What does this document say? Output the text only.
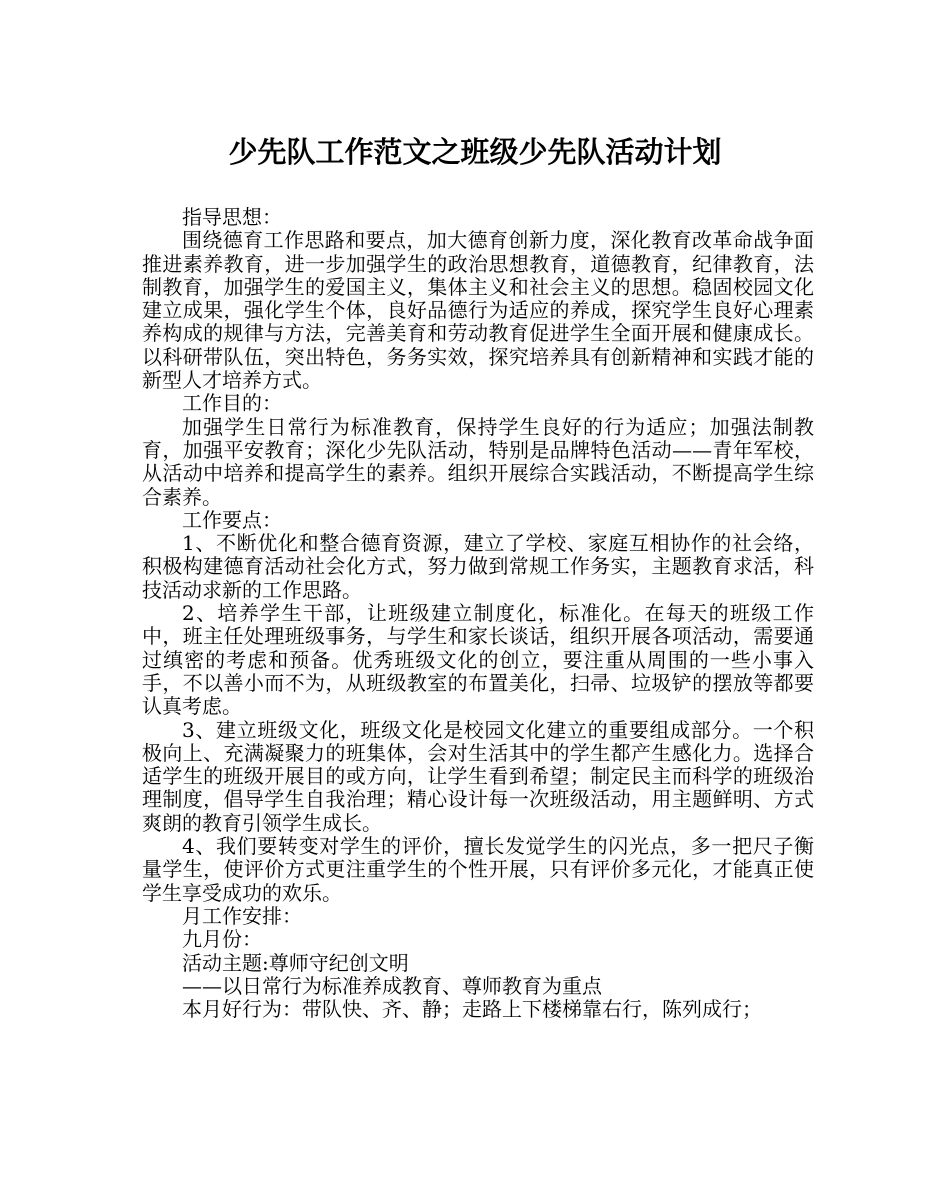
少先队工作范文之班级少先队活动计划

指导思想：

围绕德育工作思路和要点，加大德育创新力度，深化教育改革命战争面推进素养教育，进一步加强学生的政治思想教育，道德教育，纪律教育，法制教育，加强学生的爱国主义，集体主义和社会主义的思想。稳固校园文化建立成果，强化学生个体，良好品德行为适应的养成，探究学生良好心理素养构成的规律与方法，完善美育和劳动教育促进学生全面开展和健康成长。以科研带队伍，突出特色，务务实效，探究培养具有创新精神和实践才能的新型人才培养方式。

工作目的：

加强学生日常行为标准教育，保持学生良好的行为适应；加强法制教育，加强平安教育；深化少先队活动，特别是品牌特色活动——青年军校，从活动中培养和提高学生的素养。组织开展综合实践活动，不断提高学生综合素养。

工作要点：

1、不断优化和整合德育资源，建立了学校、家庭互相协作的社会络，积极构建德育活动社会化方式，努力做到常规工作务实，主题教育求活，科技活动求新的工作思路。

2、培养学生干部，让班级建立制度化，标准化。在每天的班级工作中，班主任处理班级事务，与学生和家长谈话，组织开展各项活动，需要通过缜密的考虑和预备。优秀班级文化的创立，要注重从周围的一些小事入手，不以善小而不为，从班级教室的布置美化，扫帚、垃圾铲的摆放等都要认真考虑。

3、建立班级文化，班级文化是校园文化建立的重要组成部分。一个积极向上、充满凝聚力的班集体，会对生活其中的学生都产生感化力。选择合适学生的班级开展目的或方向，让学生看到希望；制定民主而科学的班级治理制度，倡导学生自我治理；精心设计每一次班级活动，用主题鲜明、方式爽朗的教育引领学生成长。

4、我们要转变对学生的评价，擅长发觉学生的闪光点，多一把尺子衡量学生，使评价方式更注重学生的个性开展，只有评价多元化，才能真正使学生享受成功的欢乐。

月工作安排：

九月份：

活动主题:尊师守纪创文明

——以日常行为标准养成教育、尊师教育为重点

本月好行为：带队快、齐、静；走路上下楼梯靠右行，陈列成行；
